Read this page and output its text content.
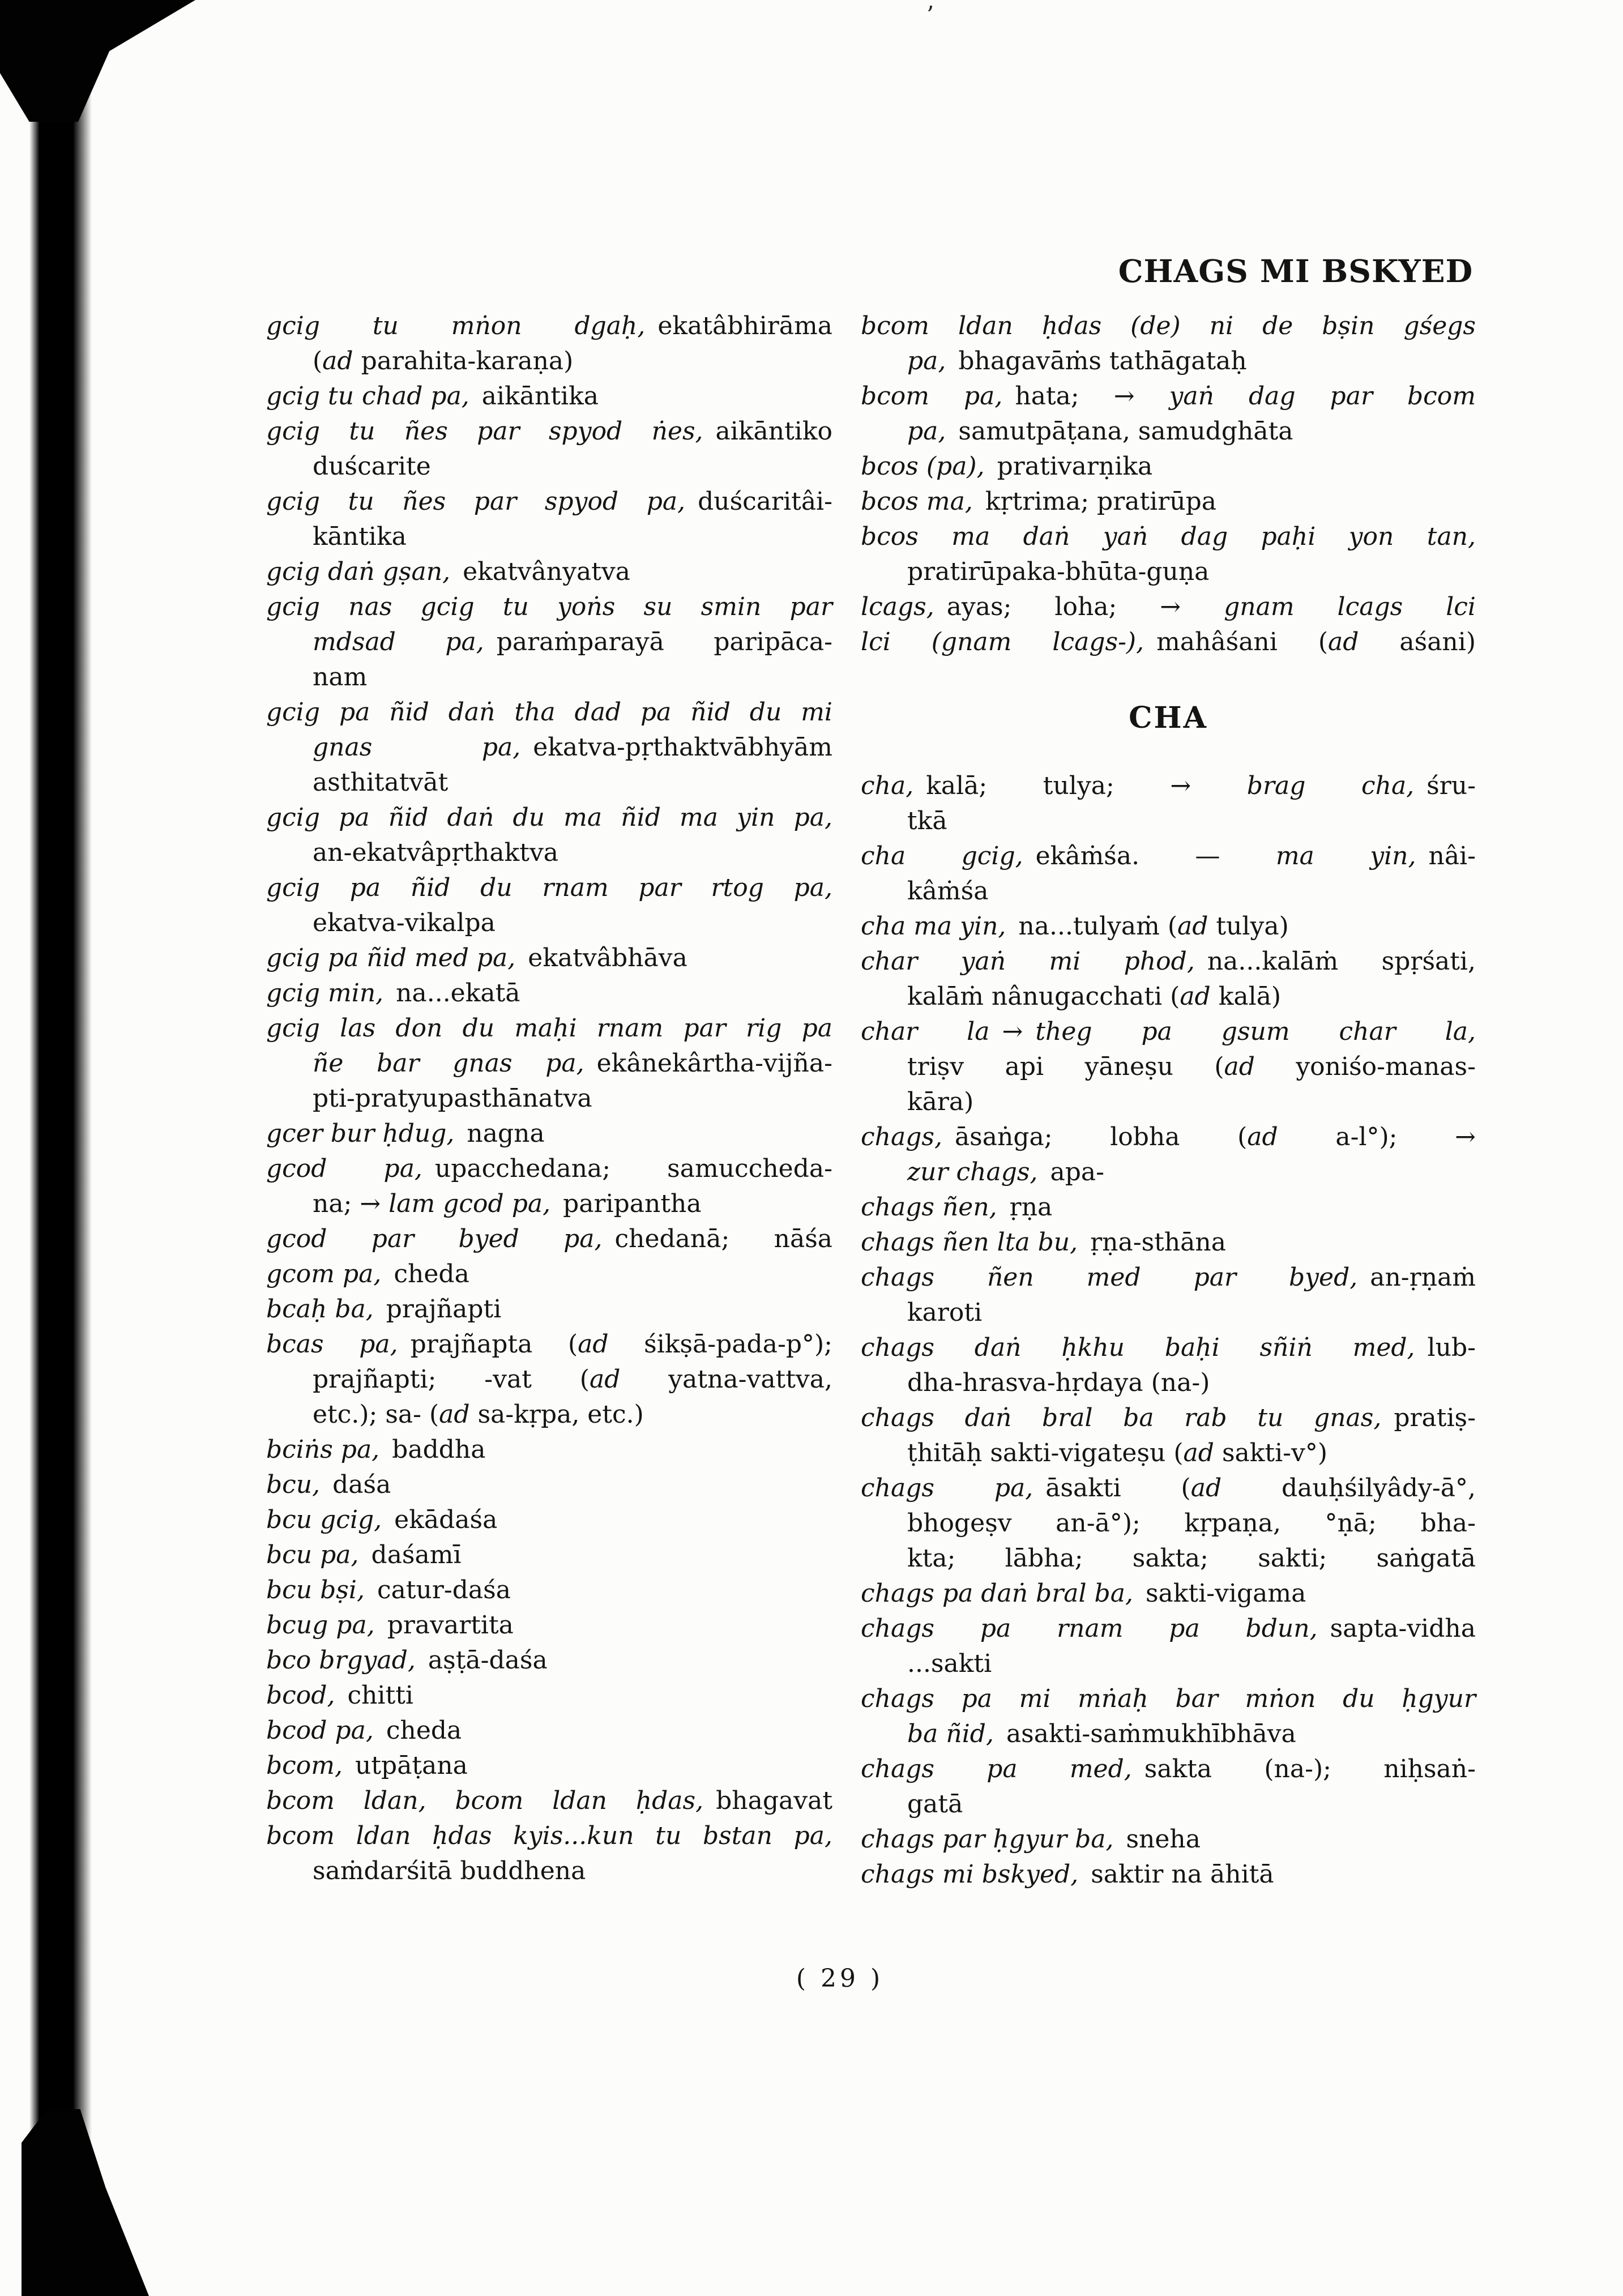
’
CHAGS MI BSKYED
gcig tu mṅon dgaḥ, ekatâbhirāma
(ad parahita-karaṇa)
gcig tu chad pa, aikāntika
gcig tu ñes par spyod ṅes, aikāntiko
duścarite
gcig tu ñes par spyod pa, duścaritâi-
kāntika
gcig daṅ gṣan, ekatvânyatva
gcig nas gcig tu yoṅs su smin par
mdsad pa, paraṁparayā paripāca-
nam
gcig pa ñid daṅ tha dad pa ñid du mi
gnas pa, ekatva-pṛthaktvābhyām
asthitatvāt
gcig pa ñid daṅ du ma ñid ma yin pa,
an-ekatvâpṛthaktva
gcig pa ñid du rnam par rtog pa,
ekatva-vikalpa
gcig pa ñid med pa, ekatvâbhāva
gcig min, na...ekatā
gcig las don du maḥi rnam par rig pa
ñe bar gnas pa, ekânekârtha-vijña-
pti-pratyupasthānatva
gcer bur ḥdug, nagna
gcod pa, upacchedana; samuccheda-
na; → lam gcod pa, paripantha
gcod par byed pa, chedanā; nāśa
gcom pa, cheda
bcaḥ ba, prajñapti
bcas pa, prajñapta (ad śikṣā-pada-p°);
prajñapti; -vat (ad yatna-vattva,
etc.); sa- (ad sa-kṛpa, etc.)
bciṅs pa, baddha
bcu, daśa
bcu gcig, ekādaśa
bcu pa, daśamī
bcu bṣi, catur-daśa
bcug pa, pravartita
bco brgyad, aṣṭā-daśa
bcod, chitti
bcod pa, cheda
bcom, utpāṭana
bcom ldan, bcom ldan ḥdas, bhagavat
bcom ldan ḥdas kyis...kun tu bstan pa,
saṁdarśitā buddhena
bcom ldan ḥdas (de) ni de bṣin gśegs
pa, bhagavāṁs tathāgataḥ
bcom pa, hata; → yaṅ dag par bcom
pa, samutpāṭana, samudghāta
bcos (pa), prativarṇika
bcos ma, kṛtrima; pratirūpa
bcos ma daṅ yaṅ dag paḥi yon tan,
pratirūpaka-bhūta-guṇa
lcags, ayas; loha; → gnam lcags lci
lci (gnam lcags-), mahâśani (ad aśani)
CHA
cha, kalā; tulya; → brag cha, śru-
tkā
cha gcig, ekâṁśa. — ma yin, nâi-
kâṁśa
cha ma yin, na...tulyaṁ (ad tulya)
char yaṅ mi phod, na...kalāṁ spṛśati,
kalāṁ nânugacchati (ad kalā)
char la → theg pa gsum char la,
triṣv api yāneṣu (ad yoniśo-manas-
kāra)
chags, āsaṅga; lobha (ad a-l°); →
zur chags, apa-
chags ñen, ṛṇa
chags ñen lta bu, ṛṇa-sthāna
chags ñen med par byed, an-ṛṇaṁ
karoti
chags daṅ ḥkhu baḥi sñiṅ med, lub-
dha-hrasva-hṛdaya (na-)
chags daṅ bral ba rab tu gnas, pratiṣ-
ṭhitāḥ sakti-vigateṣu (ad sakti-v°)
chags pa, āsakti (ad dauḥśilyâdy-ā°,
bhogeṣv an-ā°); kṛpaṇa, °ṇā; bha-
kta; lābha; sakta; sakti; saṅgatā
chags pa daṅ bral ba, sakti-vigama
chags pa rnam pa bdun, sapta-vidha
...sakti
chags pa mi mṅaḥ bar mṅon du ḥgyur
ba ñid, asakti-saṁmukhībhāva
chags pa med, sakta (na-); niḥsaṅ-
gatā
chags par ḥgyur ba, sneha
chags mi bskyed, saktir na āhitā
( 29 )
